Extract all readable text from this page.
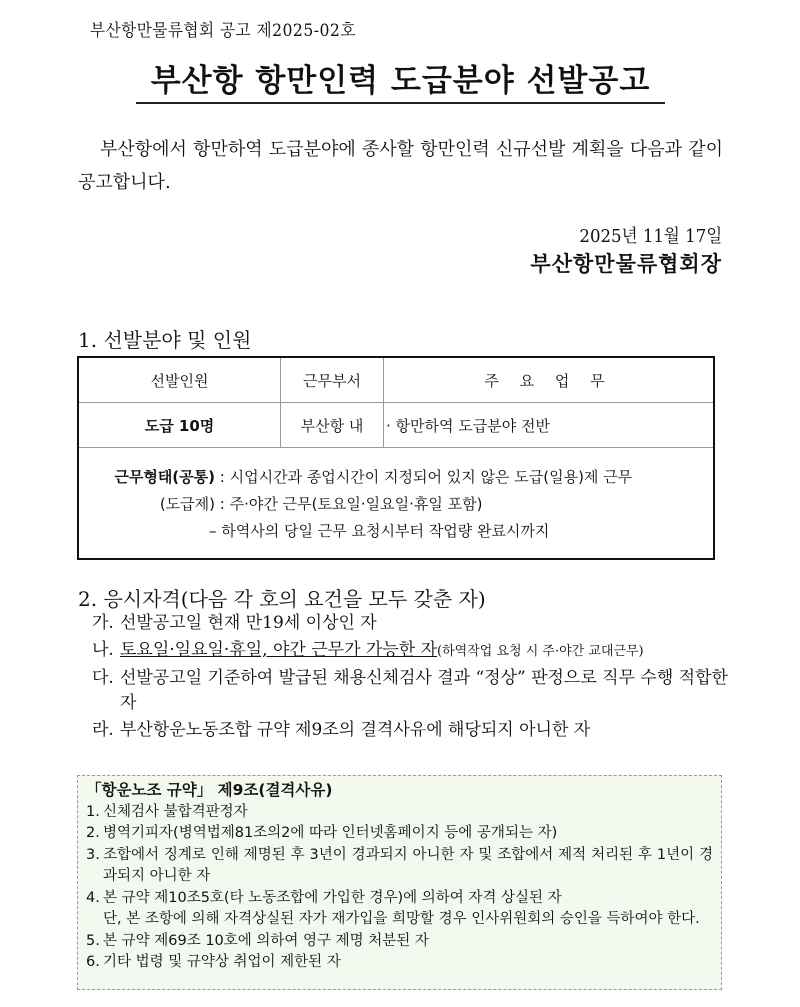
부산항만물류협회 공고 제2025-02호
부산항 항만인력 도급분야 선발공고
부산항에서 항만하역 도급분야에 종사할 항만인력 신규선발 계획을 다음과 같이 공고합니다.
2025년 11월 17일
부산항만물류협회장
1. 선발분야 및 인원
선발인원	근무부서	주 요 업 무
도급 10명	부산항 내	· 항만하역 도급분야 전반
근무형태(공통) : 시업시간과 종업시간이 지정되어 있지 않은 도급(일용)제 근무
(도급제) : 주·야간 근무(토요일·일요일·휴일 포함)
– 하역사의 당일 근무 요청시부터 작업량 완료시까지
2. 응시자격(다음 각 호의 요건을 모두 갖춘 자)
가. 선발공고일 현재 만19세 이상인 자
나. 토요일·일요일·휴일, 야간 근무가 가능한 자(하역작업 요청 시 주·야간 교대근무)
다. 선발공고일 기준하여 발급된 채용신체검사 결과 “정상” 판정으로 직무 수행 적합한 자
라. 부산항운노동조합 규약 제9조의 결격사유에 해당되지 아니한 자
「항운노조 규약」 제9조(결격사유)
1. 신체검사 불합격판정자
2. 병역기피자(병역법제81조의2에 따라 인터넷홈페이지 등에 공개되는 자)
3. 조합에서 징계로 인해 제명된 후 3년이 경과되지 아니한 자 및 조합에서 제적 처리된 후 1년이 경과되지 아니한 자
4. 본 규약 제10조5호(타 노동조합에 가입한 경우)에 의하여 자격 상실된 자
단, 본 조항에 의해 자격상실된 자가 재가입을 희망할 경우 인사위원회의 승인을 득하여야 한다.
5. 본 규약 제69조 10호에 의하여 영구 제명 처분된 자
6. 기타 법령 및 규약상 취업이 제한된 자
